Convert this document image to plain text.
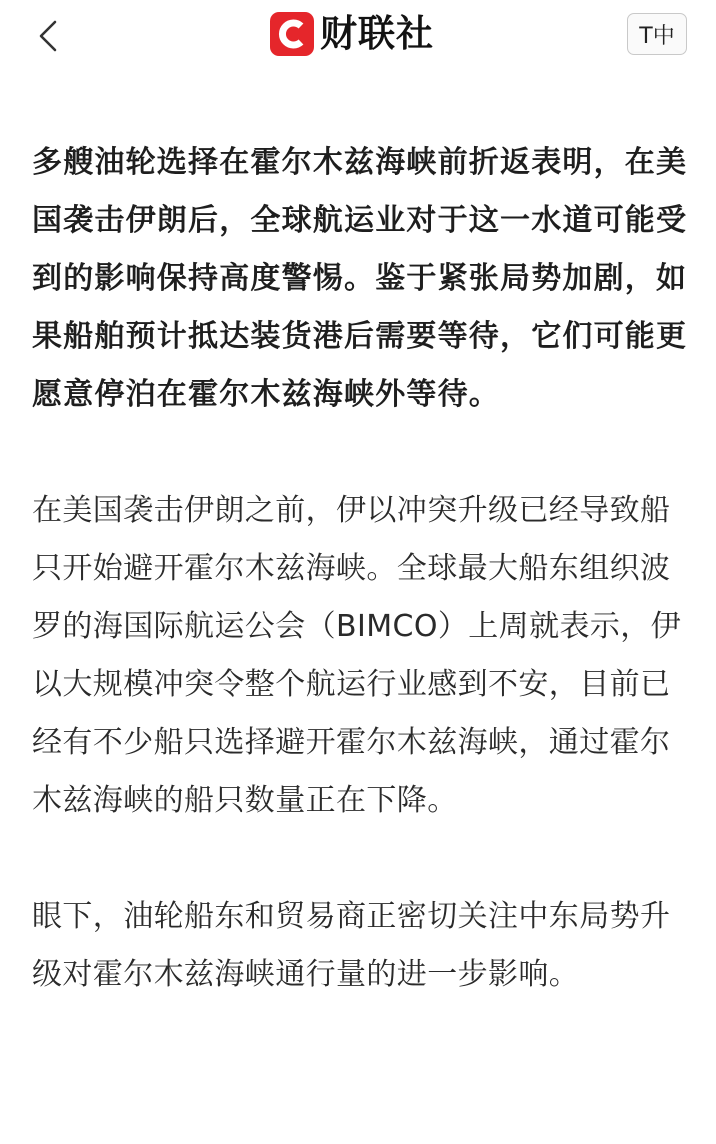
财联社	T中

多艘油轮选择在霍尔木兹海峡前折返表明，在美国袭击伊朗后，全球航运业对于这一水道可能受到的影响保持高度警惕。鉴于紧张局势加剧，如果船舶预计抵达装货港后需要等待，它们可能更愿意停泊在霍尔木兹海峡外等待。

在美国袭击伊朗之前，伊以冲突升级已经导致船只开始避开霍尔木兹海峡。全球最大船东组织波罗的海国际航运公会（BIMCO）上周就表示，伊以大规模冲突令整个航运行业感到不安，目前已经有不少船只选择避开霍尔木兹海峡，通过霍尔木兹海峡的船只数量正在下降。

眼下，油轮船东和贸易商正密切关注中东局势升级对霍尔木兹海峡通行量的进一步影响。
